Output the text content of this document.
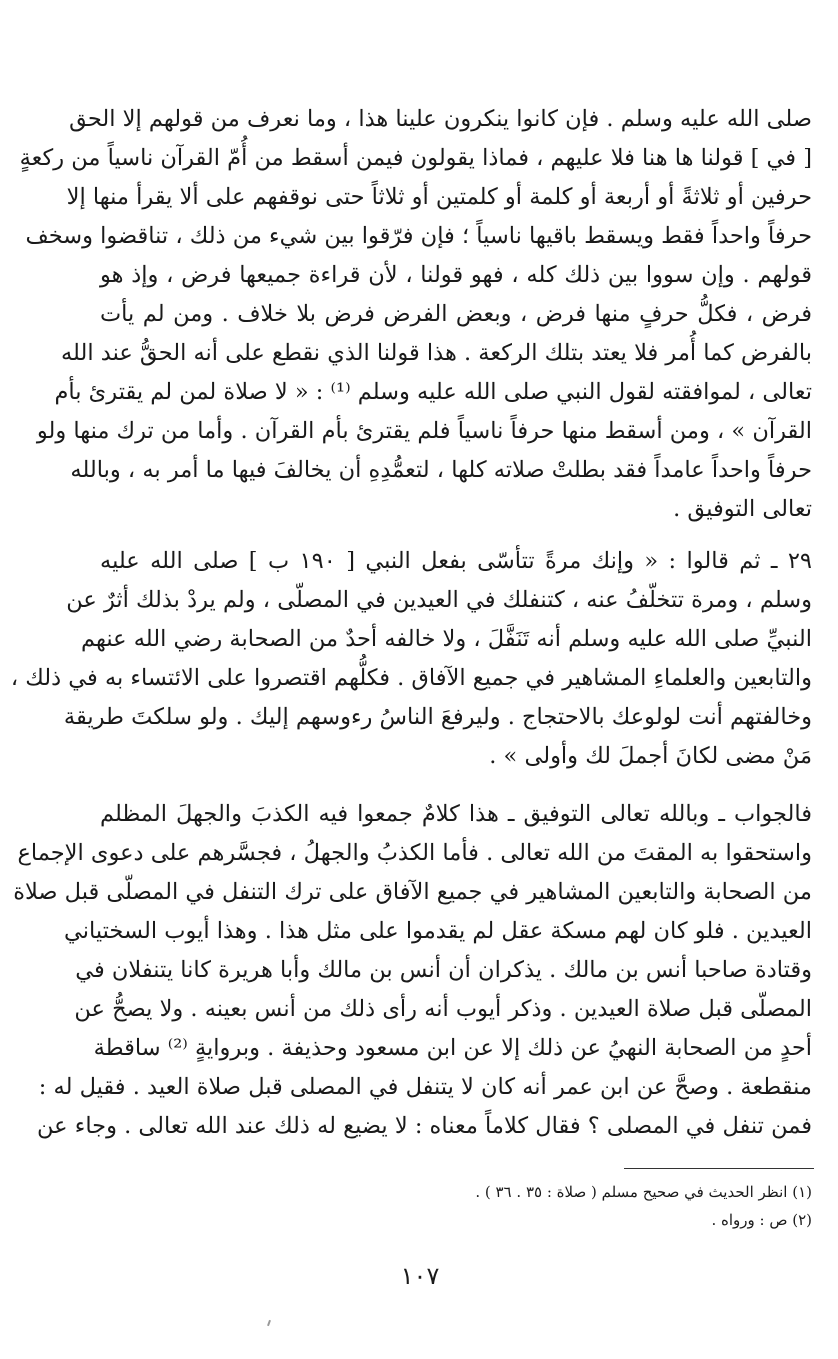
صلى الله عليه وسلم . فإن كانوا ينكرون علينا هذا ، وما نعرف من قولهم إلا الحق
[ في ] قولنا ها هنا فلا عليهم ، فماذا يقولون فيمن أسقط من أُمّ القرآن ناسياً من ركعةٍ
حرفين أو ثلاثةً أو أربعة أو كلمة أو كلمتين أو ثلاثاً حتى نوقفهم على ألا يقرأ منها إلا
حرفاً واحداً فقط ويسقط باقيها ناسياً ؛ فإن فرّقوا بين شيء من ذلك ، تناقضوا وسخف
قولهم . وإن سووا بين ذلك كله ، فهو قولنا ، لأن قراءة جميعها فرض ، وإذ هو
فرض ، فكلُّ حرفٍ منها فرض ، وبعض الفرض فرض بلا خلاف . ومن لم يأت
بالفرض كما أُمر فلا يعتد بتلك الركعة . هذا قولنا الذي نقطع على أنه الحقُّ عند الله
تعالى ، لموافقته لقول النبي صلى الله عليه وسلم ⁽¹⁾ : « لا صلاة لمن لم يقترئ بأم
القرآن » ، ومن أسقط منها حرفاً ناسياً فلم يقترئ بأم القرآن . وأما من ترك منها ولو
حرفاً واحداً عامداً فقد بطلتْ صلاته كلها ، لتعمُّدِهِ أن يخالفَ فيها ما أمر به ، وبالله
تعالى التوفيق .
٢٩ ـ ثم قالوا : « وإنك مرةً تتأسّى بفعل النبي [ ١٩٠ ب ] صلى الله عليه
وسلم ، ومرة تتخلّفُ عنه ، كتنفلك في العيدين في المصلّى ، ولم يردْ بذلك أثرٌ عن
النبيِّ صلى الله عليه وسلم أنه تَنَفَّلَ ، ولا خالفه أحدٌ من الصحابة رضي الله عنهم
والتابعين والعلماءِ المشاهير في جميع الآفاق . فكلُّهم اقتصروا على الائتساء به في ذلك ،
وخالفتهم أنت لولوعك بالاحتجاج . وليرفعَ الناسُ رءوسهم إليك . ولو سلكتَ طريقة
مَنْ مضى لكانَ أجملَ لك وأولى » .
فالجواب ـ وبالله تعالى التوفيق ـ هذا كلامٌ جمعوا فيه الكذبَ والجهلَ المظلم
واستحقوا به المقتَ من الله تعالى . فأما الكذبُ والجهلُ ، فجسَّرهم على دعوى الإجماع
من الصحابة والتابعين المشاهير في جميع الآفاق على ترك التنفل في المصلّى قبل صلاة
العيدين . فلو كان لهم مسكة عقل لم يقدموا على مثل هذا . وهذا أيوب السختياني
وقتادة صاحبا أنس بن مالك . يذكران أن أنس بن مالك وأبا هريرة كانا يتنفلان في
المصلّى قبل صلاة العيدين . وذكر أيوب أنه رأى ذلك من أنس بعينه . ولا يصحُّ عن
أحدٍ من الصحابة النهيُ عن ذلك إلا عن ابن مسعود وحذيفة . وبروايةٍ ⁽²⁾ ساقطة
منقطعة . وصحَّ عن ابن عمر أنه كان لا يتنفل في المصلى قبل صلاة العيد . فقيل له :
فمن تنفل في المصلى ؟ فقال كلاماً معناه : لا يضيع له ذلك عند الله تعالى . وجاء عن
(١) انظر الحديث في صحيح مسلم ( صلاة : ٣٥ . ٣٦ ) .
(٢) ص : ورواه .
١٠٧
